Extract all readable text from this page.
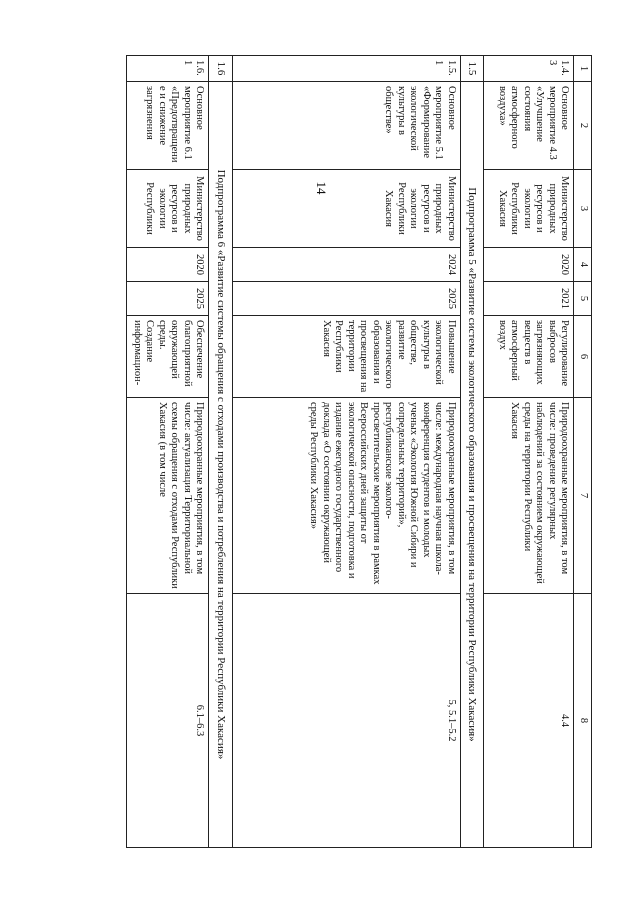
14
1	2	3	4	5	6	7	8
1.4.3	Основное мероприятие 4.3 «Улучшение состояния атмосферного воздуха»	Министерство природных ресурсов и экологии Республики Хакасия	2020	2021	Регулирование выбросов загрязняющих веществ в атмосферный воздух	Природоохранные мероприятия, в том числе: проведение регулярных наблюдений за состоянием окружающей среды на территории Республики Хакасия	4.4
1.5	Подпрограмма 5 «Развитие системы экологического образования и просвещения на территории Республики Хакасия»						
1.5.1	Основное мероприятие 5.1 «Формирование экологической культуры в обществе»	Министерство природных ресурсов и экологии Республики Хакасия	2024	2025	Повышение экологической культуры в обществе, развитие экологического образования и просвещения на территории Республики Хакасия	Природоохранные мероприятия, в том числе: международная научная школа-конференция студентов и молодых ученых «Экология Южной Сибири и сопредельных территорий», республиканские эколого-просветительские мероприятия в рамках Всероссийских дней защиты от экологической опасности, подготовка и издание ежегодного государственного доклада «О состоянии окружающей среды Республики Хакасия»	5, 5.1–5.2
1.6	Подпрограмма 6 «Развитие системы обращения с отходами производства и потребления на территории Республики Хакасия»						
1.6.1	Основное мероприятие 6.1 «Предотвращение и снижение загрязнения	Министерство природных ресурсов и экологии Республики	2020	2025	Обеспечение благоприятной окружающей среды. Создание информацион-	Природоохранные мероприятия, в том числе: актуализация Территориальной схемы обращения с отходами Республики Хакасия (в том числе	6.1–6.3
